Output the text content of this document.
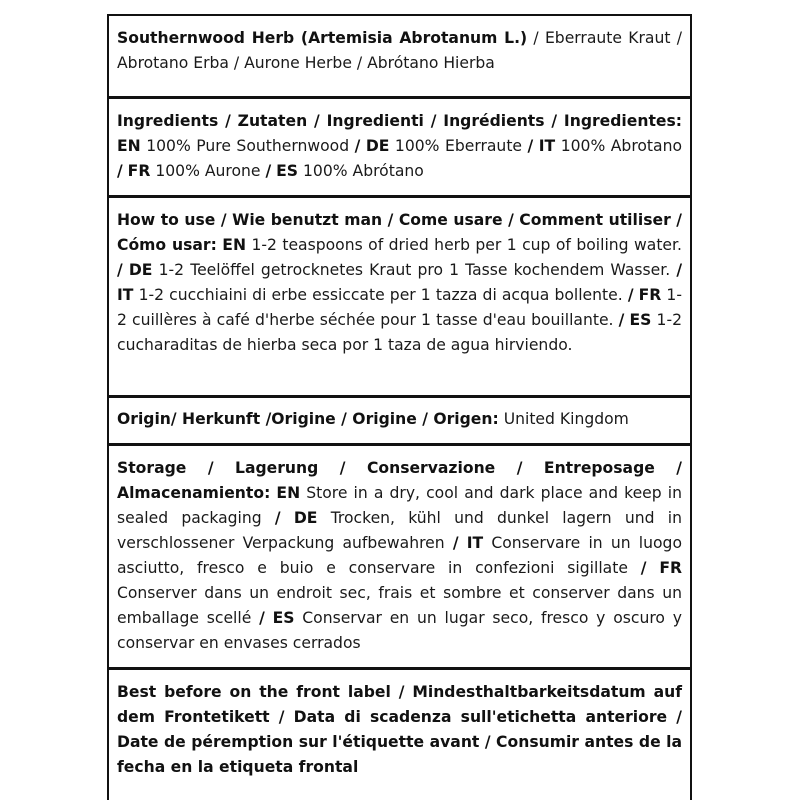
Southernwood Herb (Artemisia Abrotanum L.) / Eberraute Kraut / Abrotano Erba / Aurone Herbe / Abrótano Hierba
Ingredients / Zutaten / Ingredienti / Ingrédients / Ingredientes: EN 100% Pure Southernwood / DE 100% Eberraute / IT 100% Abrotano / FR 100% Aurone / ES 100% Abrótano
How to use / Wie benutzt man / Come usare / Comment utiliser / Cómo usar: EN 1-2 teaspoons of dried herb per 1 cup of boiling water. / DE 1-2 Teelöffel getrocknetes Kraut pro 1 Tasse kochendem Wasser. / IT 1-2 cucchiaini di erbe essiccate per 1 tazza di acqua bollente. / FR 1-2 cuillères à café d'herbe séchée pour 1 tasse d'eau bouillante. / ES 1-2 cucharaditas de hierba seca por 1 taza de agua hirviendo.
Origin/ Herkunft /Origine / Origine / Origen: United Kingdom
Storage / Lagerung / Conservazione / Entreposage / Almacenamiento: EN Store in a dry, cool and dark place and keep in sealed packaging / DE Trocken, kühl und dunkel lagern und in verschlossener Verpackung aufbewahren / IT Conservare in un luogo asciutto, fresco e buio e conservare in confezioni sigillate / FR Conserver dans un endroit sec, frais et sombre et conserver dans un emballage scellé / ES Conservar en un lugar seco, fresco y oscuro y conservar en envases cerrados
Best before on the front label / Mindesthaltbarkeitsdatum auf dem Frontetikett / Data di scadenza sull'etichetta anteriore / Date de péremption sur l'étiquette avant / Consumir antes de la fecha en la etiqueta frontal
